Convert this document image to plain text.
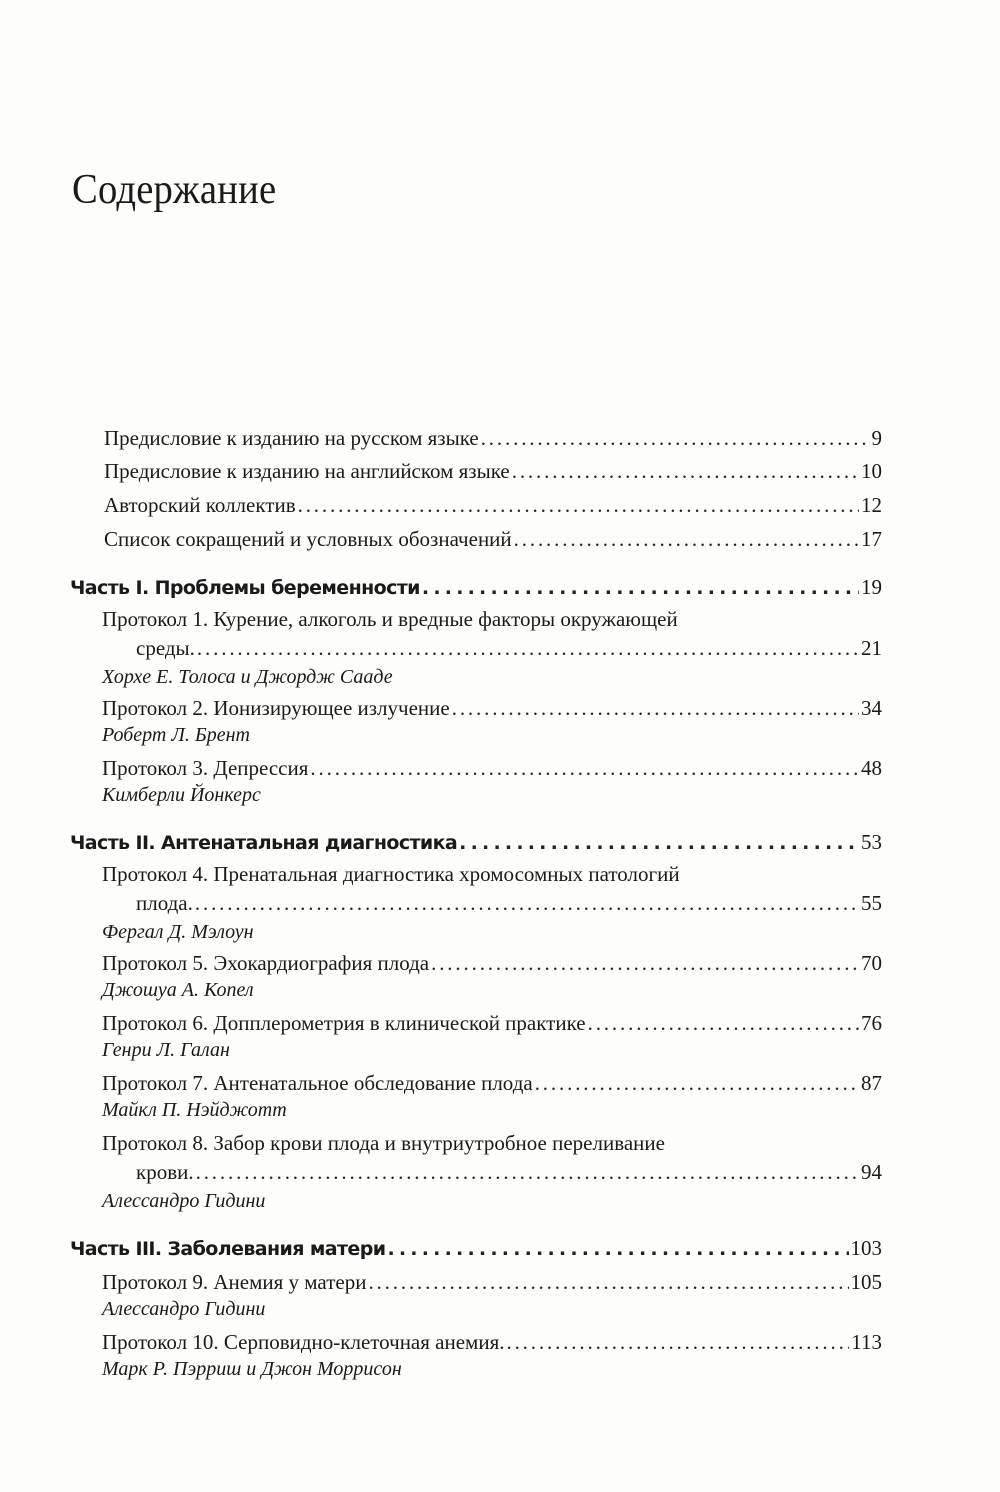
Содержание
Предисловие к изданию на русском языке . . .	9
Предисловие к изданию на английском языке . . .	10
Авторский коллектив . . .	12
Список сокращений и условных обозначений . . .	17
Часть I. Проблемы беременности . . .	19
Протокол 1. Курение, алкоголь и вредные факторы окружающей
среды. . . .	21
Хорхе Е. Толоса и Джордж Сааде
Протокол 2. Ионизирующее излучение . . .	34
Роберт Л. Брент
Протокол 3. Депрессия . . .	48
Кимберли Йонкерс
Часть II. Антенатальная диагностика . . .	53
Протокол 4. Пренатальная диагностика хромосомных патологий
плода. . . .	55
Фергал Д. Мэлоун
Протокол 5. Эхокардиография плода . . .	70
Джошуа А. Копел
Протокол 6. Допплерометрия в клинической практике . . .	76
Генри Л. Галан
Протокол 7. Антенатальное обследование плода . . .	87
Майкл П. Нэйджотт
Протокол 8. Забор крови плода и внутриутробное переливание
крови. . . .	94
Алессандро Гидини
Часть III. Заболевания матери . . .	103
Протокол 9. Анемия у матери . . .	105
Алессандро Гидини
Протокол 10. Серповидно-клеточная анемия. . . .	113
Марк Р. Пэрриш и Джон Моррисон
